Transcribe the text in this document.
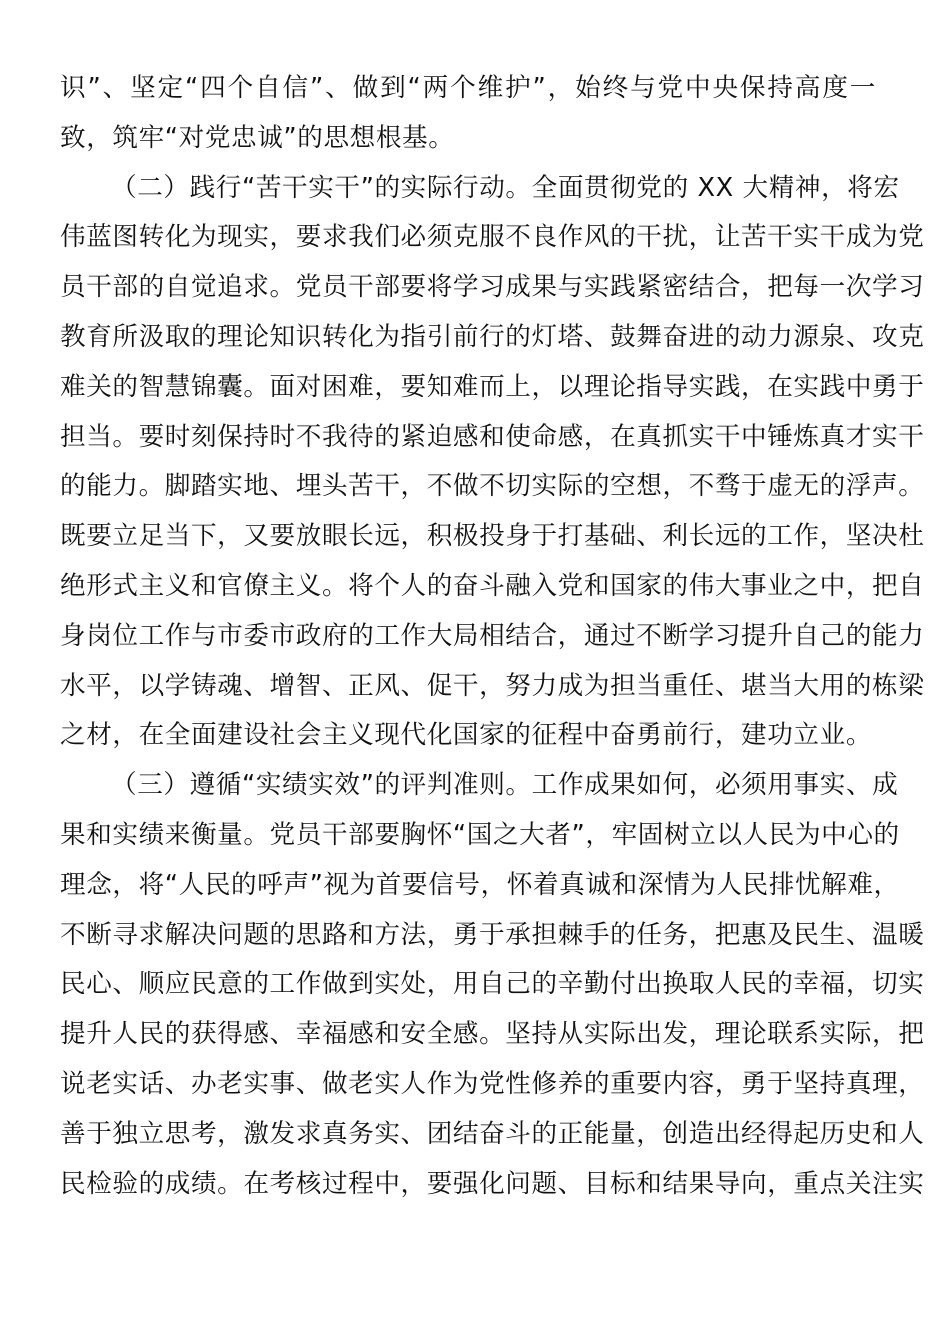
识”、坚定“四个自信”、做到“两个维护”，始终与党中央保持高度一
致，筑牢“对党忠诚”的思想根基。
（二）践行“苦干实干”的实际行动。全面贯彻党的 XX 大精神，将宏
伟蓝图转化为现实，要求我们必须克服不良作风的干扰，让苦干实干成为党
员干部的自觉追求。党员干部要将学习成果与实践紧密结合，把每一次学习
教育所汲取的理论知识转化为指引前行的灯塔、鼓舞奋进的动力源泉、攻克
难关的智慧锦囊。面对困难，要知难而上，以理论指导实践，在实践中勇于
担当。要时刻保持时不我待的紧迫感和使命感，在真抓实干中锤炼真才实干
的能力。脚踏实地、埋头苦干，不做不切实际的空想，不骛于虚无的浮声。
既要立足当下，又要放眼长远，积极投身于打基础、利长远的工作，坚决杜
绝形式主义和官僚主义。将个人的奋斗融入党和国家的伟大事业之中，把自
身岗位工作与市委市政府的工作大局相结合，通过不断学习提升自己的能力
水平，以学铸魂、增智、正风、促干，努力成为担当重任、堪当大用的栋梁
之材，在全面建设社会主义现代化国家的征程中奋勇前行，建功立业。
（三）遵循“实绩实效”的评判准则。工作成果如何，必须用事实、成
果和实绩来衡量。党员干部要胸怀“国之大者”，牢固树立以人民为中心的
理念，将“人民的呼声”视为首要信号，怀着真诚和深情为人民排忧解难，
不断寻求解决问题的思路和方法，勇于承担棘手的任务，把惠及民生、温暖
民心、顺应民意的工作做到实处，用自己的辛勤付出换取人民的幸福，切实
提升人民的获得感、幸福感和安全感。坚持从实际出发，理论联系实际，把
说老实话、办老实事、做老实人作为党性修养的重要内容，勇于坚持真理，
善于独立思考，激发求真务实、团结奋斗的正能量，创造出经得起历史和人
民检验的成绩。在考核过程中，要强化问题、目标和结果导向，重点关注实
